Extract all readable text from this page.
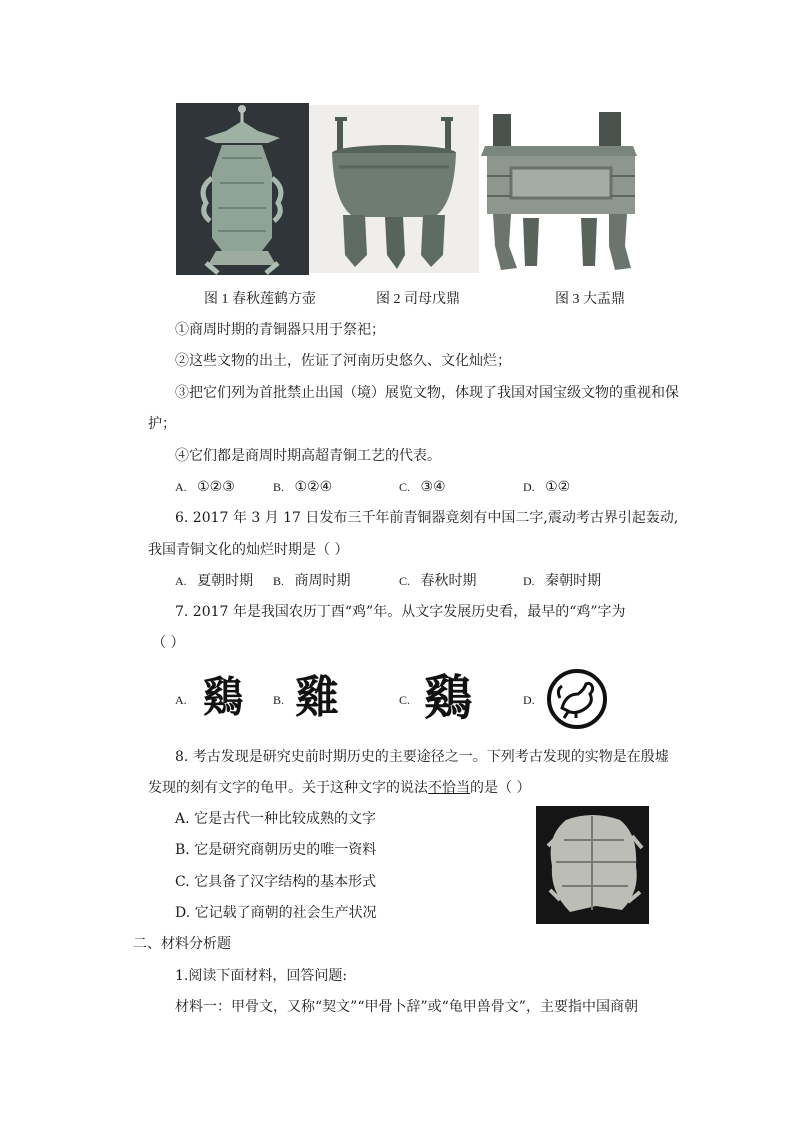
图 1 春秋莲鹤方壶	图 2 司母戊鼎	图 3 大盂鼎
①商周时期的青铜器只用于祭祀；
②这些文物的出土，佐证了河南历史悠久、文化灿烂；
③把它们列为首批禁止出国（境）展览文物，体现了我国对国宝级文物的重视和保
护；
④它们都是商周时期高超青铜工艺的代表。
A. ①②③	B. ①②④	C. ③④	D. ①②
6. 2017 年 3 月 17 日发布三千年前青铜器竟刻有中国二字,震动考古界引起轰动,
我国青铜文化的灿烂时期是（ ）
A. 夏朝时期 B. 商周时期	C. 春秋时期	D. 秦朝时期
7. 2017 年是我国农历丁酉“鸡”年。从文字发展历史看，最早的“鸡”字为
（ ）
A. 鷄	B. 雞	C. 鷄	D.
8. 考古发现是研究史前时期历史的主要途径之一。下列考古发现的实物是在殷墟
发现的刻有文字的龟甲。关于这种文字的说法不恰当的是（ ）
A. 它是古代一种比较成熟的文字
B. 它是研究商朝历史的唯一资料
C. 它具备了汉字结构的基本形式
D. 它记载了商朝的社会生产状况
二、材料分析题
1.阅读下面材料，回答问题:
材料一：甲骨文，又称“契文”“甲骨卜辞”或“龟甲兽骨文”，主要指中国商朝
